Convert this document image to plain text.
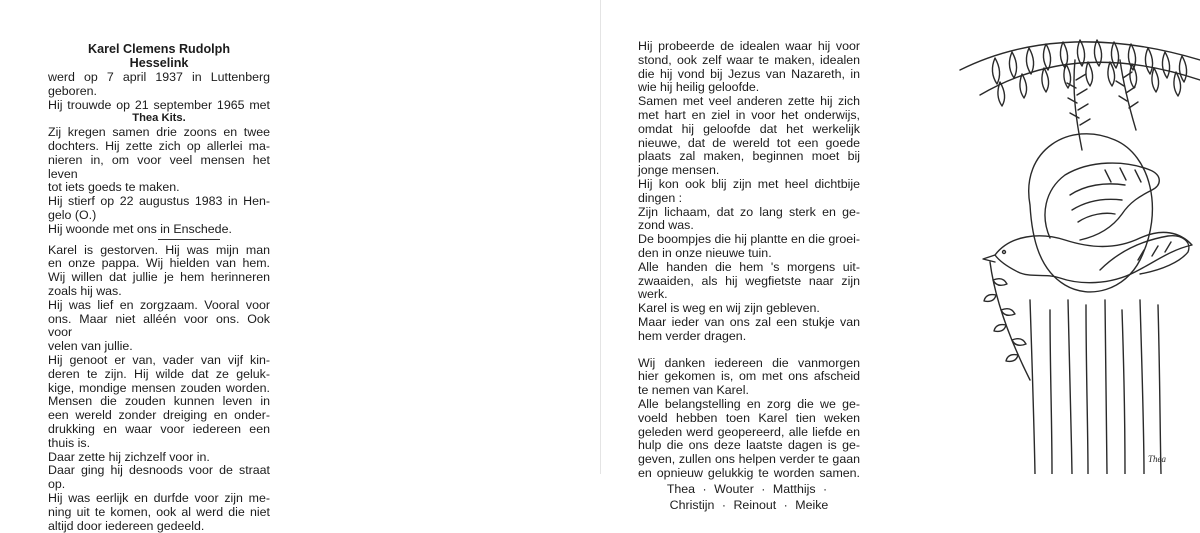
Karel Clemens Rudolph
Hesselink
werd op 7 april 1937 in Luttenberg
geboren.
Hij trouwde op 21 september 1965 met
Thea Kits.
Zij kregen samen drie zoons en twee
dochters. Hij zette zich op allerlei ma-
nieren in, om voor veel mensen het leven
tot iets goeds te maken.
Hij stierf op 22 augustus 1983 in Hen-
gelo (O.)
Hij woonde met ons in Enschede.
Karel is gestorven. Hij was mijn man
en onze pappa. Wij hielden van hem.
Wij willen dat jullie je hem herinneren
zoals hij was.
Hij was lief en zorgzaam. Vooral voor
ons. Maar niet alléén voor ons. Ook voor
velen van jullie.
Hij genoot er van, vader van vijf kin-
deren te zijn. Hij wilde dat ze geluk-
kige, mondige mensen zouden worden.
Mensen die zouden kunnen leven in
een wereld zonder dreiging en onder-
drukking en waar voor iedereen een
thuis is.
Daar zette hij zichzelf voor in.
Daar ging hij desnoods voor de straat
op.
Hij was eerlijk en durfde voor zijn me-
ning uit te komen, ook al werd die niet
altijd door iedereen gedeeld.
Hij probeerde de idealen waar hij voor
stond, ook zelf waar te maken, idealen
die hij vond bij Jezus van Nazareth, in
wie hij heilig geloofde.
Samen met veel anderen zette hij zich
met hart en ziel in voor het onderwijs,
omdat hij geloofde dat het werkelijk
nieuwe, dat de wereld tot een goede
plaats zal maken, beginnen moet bij
jonge mensen.
Hij kon ook blij zijn met heel dichtbije
dingen :
Zijn lichaam, dat zo lang sterk en ge-
zond was.
De boompjes die hij plantte en die groei-
den in onze nieuwe tuin.
Alle handen die hem 's morgens uit-
zwaaiden, als hij wegfietste naar zijn
werk.
Karel is weg en wij zijn gebleven.
Maar ieder van ons zal een stukje van
hem verder dragen.
Wij danken iedereen die vanmorgen
hier gekomen is, om met ons afscheid
te nemen van Karel.
Alle belangstelling en zorg die we ge-
voeld hebben toen Karel tien weken
geleden werd geopereerd, alle liefde en
hulp die ons deze laatste dagen is ge-
geven, zullen ons helpen verder te gaan
en opnieuw gelukkig te worden samen.
Thea · Wouter · Matthijs ·
Christijn · Reinout · Meike
Thea
